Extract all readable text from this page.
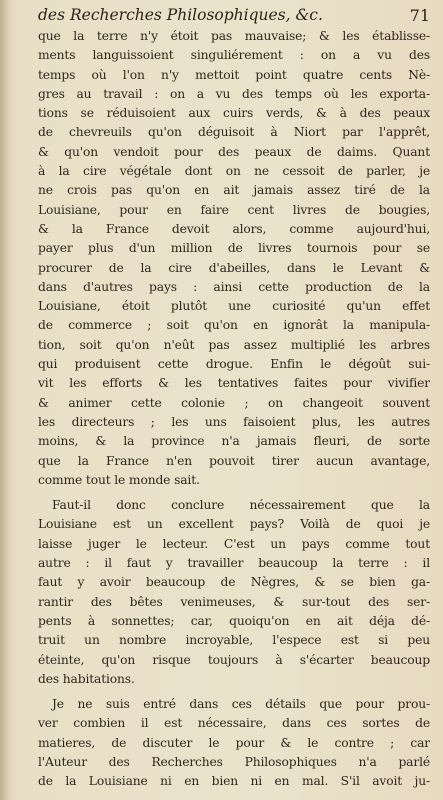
des Recherches Philosophiques, &c.	71
que la terre n'y étoit pas mauvaise; & les établisse-
ments languissoient singuliérement : on a vu des
temps où l'on n'y mettoit point quatre cents Nè-
gres au travail : on a vu des temps où les exporta-
tions se réduisoient aux cuirs verds, & à des peaux
de chevreuils qu'on déguisoit à Niort par l'apprêt,
& qu'on vendoit pour des peaux de daims. Quant
à la cire végétale dont on ne cessoit de parler, je
ne crois pas qu'on en ait jamais assez tiré de la
Louisiane, pour en faire cent livres de bougies,
& la France devoit alors, comme aujourd'hui,
payer plus d'un million de livres tournois pour se
procurer de la cire d'abeilles, dans le Levant &
dans d'autres pays : ainsi cette production de la
Louisiane, étoit plutôt une curiosité qu'un effet
de commerce ; soit qu'on en ignorât la manipula-
tion, soit qu'on n'eût pas assez multiplié les arbres
qui produisent cette drogue. Enfin le dégoût sui-
vit les efforts & les tentatives faites pour vivifier
& animer cette colonie ; on changeoit souvent
les directeurs ; les uns faisoient plus, les autres
moins, & la province n'a jamais fleuri, de sorte
que la France n'en pouvoit tirer aucun avantage,
comme tout le monde sait.
Faut-il donc conclure nécessairement que la
Louisiane est un excellent pays? Voilà de quoi je
laisse juger le lecteur. C'est un pays comme tout
autre : il faut y travailler beaucoup la terre : il
faut y avoir beaucoup de Nègres, & se bien ga-
rantir des bêtes venimeuses, & sur-tout des ser-
pents à sonnettes; car, quoiqu'on en ait déja dé-
truit un nombre incroyable, l'espece est si peu
éteinte, qu'on risque toujours à s'écarter beaucoup
des habitations.
Je ne suis entré dans ces détails que pour prou-
ver combien il est nécessaire, dans ces sortes de
matieres, de discuter le pour & le contre ; car
l'Auteur des Recherches Philosophiques n'a parlé
de la Louisiane ni en bien ni en mal. S'il avoit ju-
